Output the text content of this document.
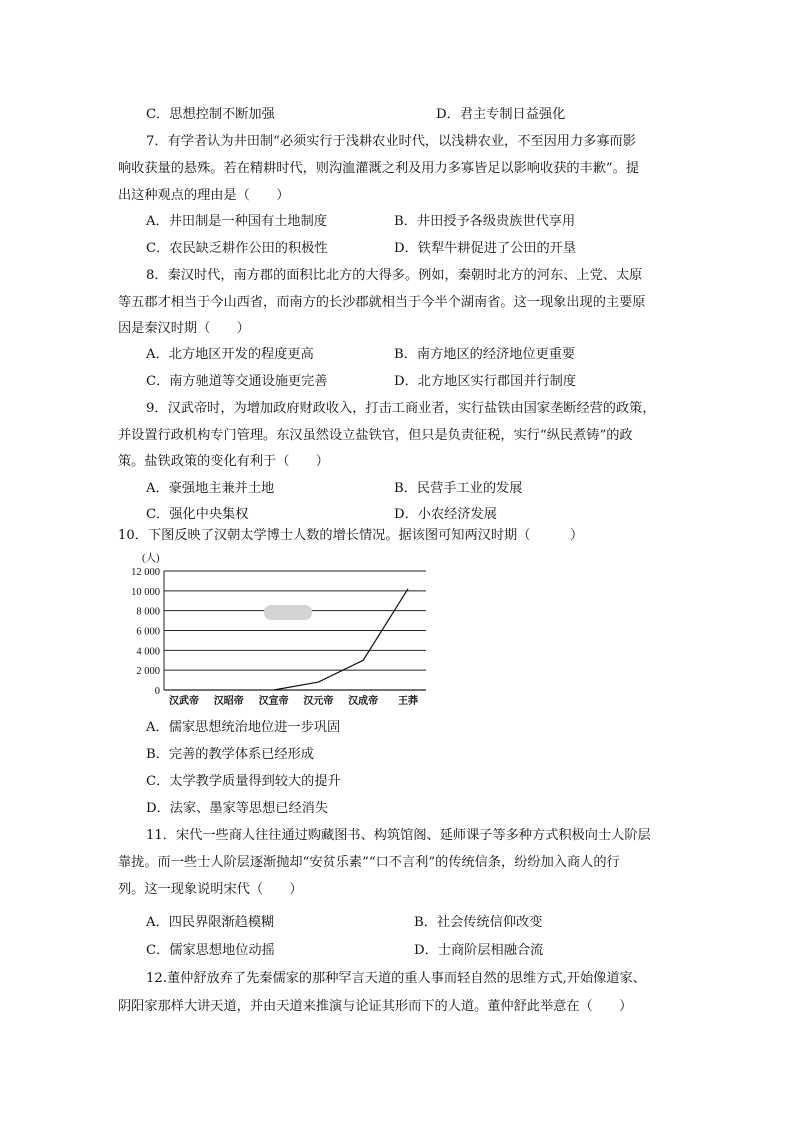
C．思想控制不断加强	D．君主专制日益强化
7．有学者认为井田制“必须实行于浅耕农业时代，以浅耕农业，不至因用力多寡而影
响收获量的悬殊。若在精耕时代，则沟洫灌溉之利及用力多寡皆足以影响收获的丰歉”。提
出这种观点的理由是（　　）
A．井田制是一种国有土地制度	B．井田授予各级贵族世代享用
C．农民缺乏耕作公田的积极性	D．铁犁牛耕促进了公田的开垦
8．秦汉时代，南方郡的面积比北方的大得多。例如，秦朝时北方的河东、上党、太原
等五郡才相当于今山西省，而南方的长沙郡就相当于今半个湖南省。这一现象出现的主要原
因是秦汉时期（　　）
A．北方地区开发的程度更高	B．南方地区的经济地位更重要
C．南方驰道等交通设施更完善	D．北方地区实行郡国并行制度
9．汉武帝时，为增加政府财政收入，打击工商业者，实行盐铁由国家垄断经营的政策，
并设置行政机构专门管理。东汉虽然设立盐铁官，但只是负责征税，实行“纵民煮铸”的政
策。盐铁政策的变化有利于（　　）
A．豪强地主兼并土地	B．民营手工业的发展
C．强化中央集权	D．小农经济发展
10．下图反映了汉朝太学博士人数的增长情况。据该图可知两汉时期（　　　）
(人)
12 000
10 000
8 000
6 000
4 000
2 000
0
汉武帝 汉昭帝 汉宣帝 汉元帝 汉成帝 王莽
A．儒家思想统治地位进一步巩固
B．完善的教学体系已经形成
C．太学教学质量得到较大的提升
D．法家、墨家等思想已经消失
11．宋代一些商人往往通过购藏图书、构筑馆阁、延师课子等多种方式积极向士人阶层
靠拢。而一些士人阶层逐渐抛却“安贫乐素”“口不言利”的传统信条，纷纷加入商人的行
列。这一现象说明宋代（　　）
A．四民界限渐趋模糊	B．社会传统信仰改变
C．儒家思想地位动摇	D．士商阶层相融合流
12.董仲舒放弃了先秦儒家的那种罕言天道的重人事而轻自然的思维方式,开始像道家、
阴阳家那样大讲天道，并由天道来推演与论证其形而下的人道。董仲舒此举意在（　　）
